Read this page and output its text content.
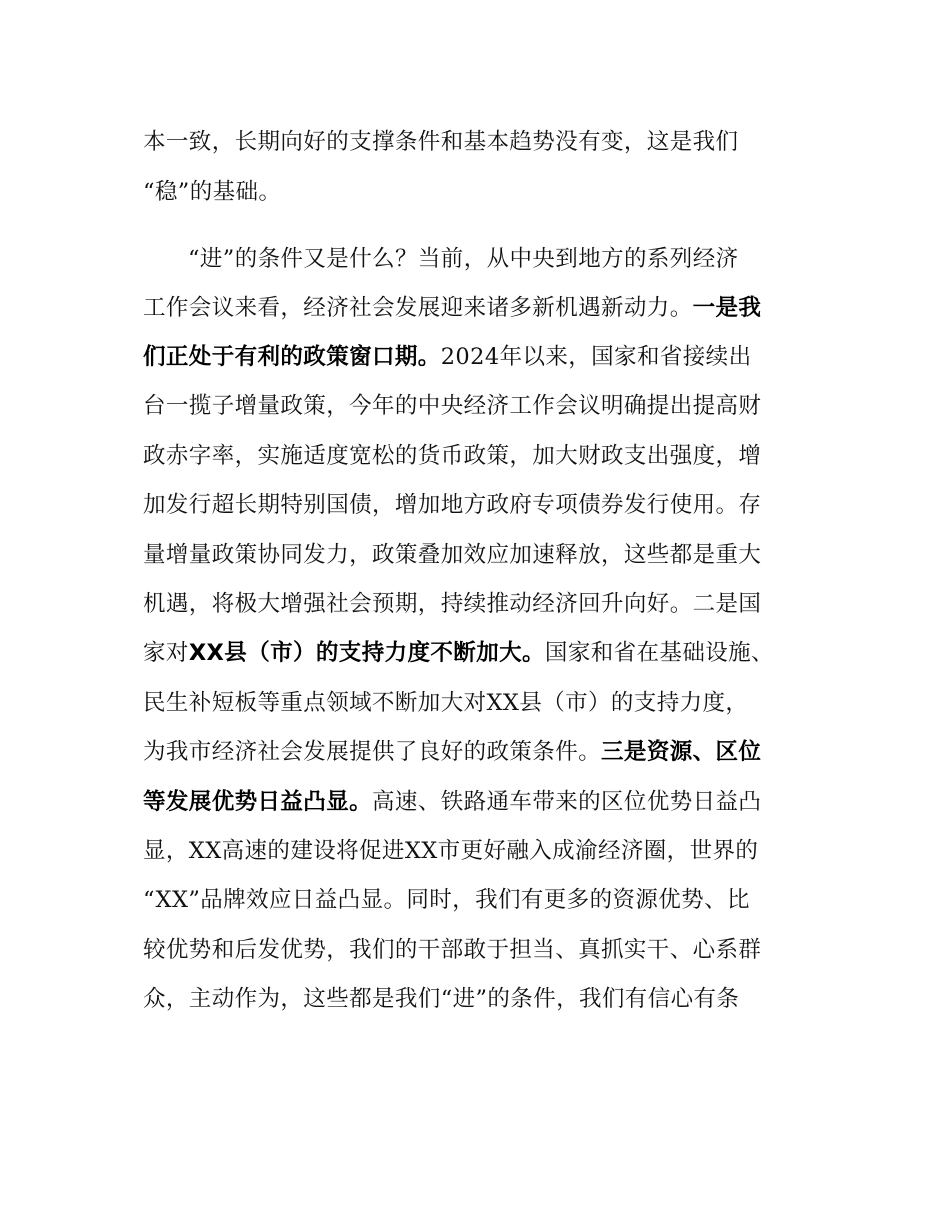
本一致，长期向好的支撑条件和基本趋势没有变，这是我们
“稳”的基础。
“进”的条件又是什么？当前，从中央到地方的系列经济
工作会议来看，经济社会发展迎来诸多新机遇新动力。一是我
们正处于有利的政策窗口期。2024年以来，国家和省接续出
台一揽子增量政策，今年的中央经济工作会议明确提出提高财
政赤字率，实施适度宽松的货币政策，加大财政支出强度，增
加发行超长期特别国债，增加地方政府专项债券发行使用。存
量增量政策协同发力，政策叠加效应加速释放，这些都是重大
机遇，将极大增强社会预期，持续推动经济回升向好。二是国
家对XX县（市）的支持力度不断加大。国家和省在基础设施、
民生补短板等重点领域不断加大对XX县（市）的支持力度，
为我市经济社会发展提供了良好的政策条件。三是资源、区位
等发展优势日益凸显。高速、铁路通车带来的区位优势日益凸
显，XX高速的建设将促进XX市更好融入成渝经济圈，世界的
“XX”品牌效应日益凸显。同时，我们有更多的资源优势、比
较优势和后发优势，我们的干部敢于担当、真抓实干、心系群
众，主动作为，这些都是我们“进”的条件，我们有信心有条
